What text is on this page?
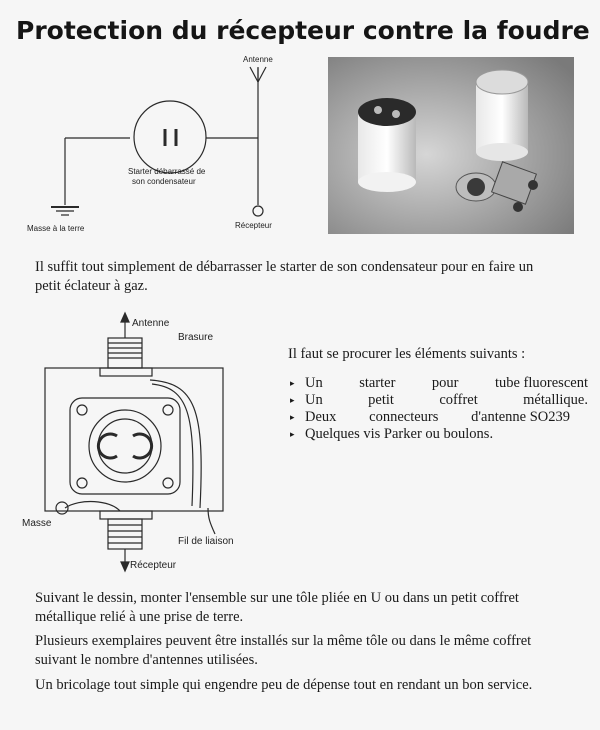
Protection du récepteur contre la foudre
Antenne
Starter débarrassé de
son condensateur
Masse à la terre	Récepteur

Il suffit tout simplement de débarrasser le starter de son condensateur pour en faire un petit éclateur à gaz.

Antenne
Brasure
Masse
Fil de liaison
Récepteur

Il faut se procurer les éléments suivants :

▸ Un	starter	pour	tube fluorescent
▸ Un	petit	coffret	métallique.
▸ Deux connecteurs d'antenne SO239
▸ Quelques vis Parker ou boulons.

Suivant le dessin, monter l'ensemble sur une tôle pliée en U ou dans un petit coffret métallique relié à une prise de terre.

Plusieurs exemplaires peuvent être installés sur la même tôle ou dans le même coffret suivant le nombre d'antennes utilisées.

Un bricolage tout simple qui engendre peu de dépense tout en rendant un bon service.
